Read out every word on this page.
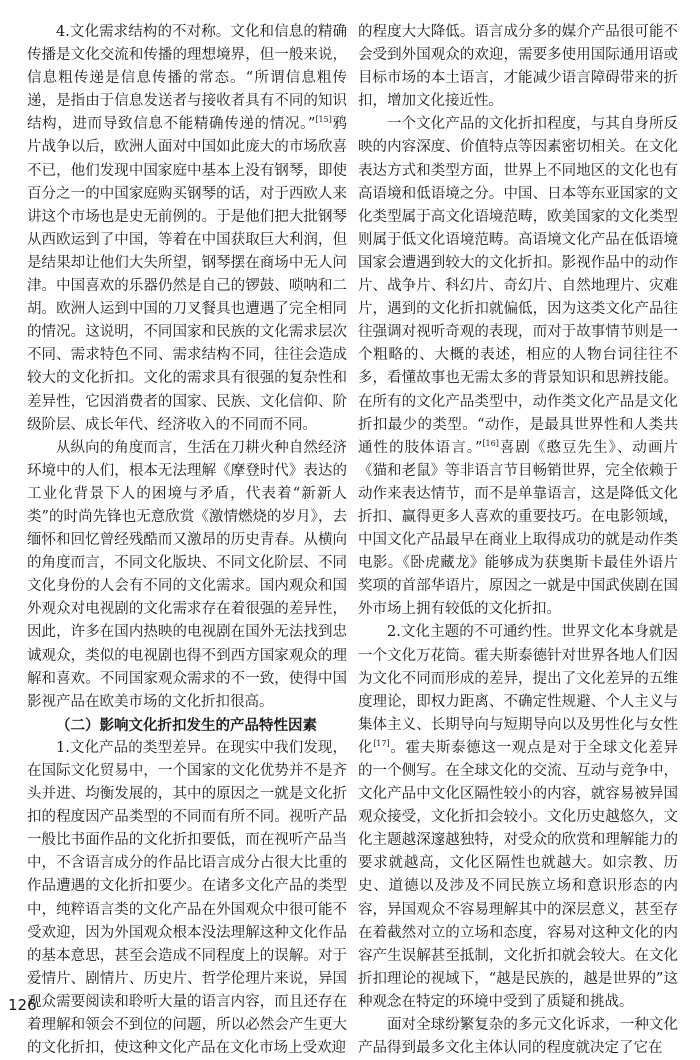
4.文化需求结构的不对称。文化和信息的精确传播是文化交流和传播的理想境界，但一般来说，信息粗传递是信息传播的常态。“所谓信息粗传递，是指由于信息发送者与接收者具有不同的知识结构，进而导致信息不能精确传递的情况。”[15]鸦片战争以后，欧洲人面对中国如此庞大的市场欣喜不已，他们发现中国家庭中基本上没有钢琴，即使百分之一的中国家庭购买钢琴的话，对于西欧人来讲这个市场也是史无前例的。于是他们把大批钢琴从西欧运到了中国，等着在中国获取巨大利润，但是结果却让他们大失所望，钢琴摆在商场中无人问津。中国喜欢的乐器仍然是自己的锣鼓、唢呐和二胡。欧洲人运到中国的刀叉餐具也遭遇了完全相同的情况。这说明，不同国家和民族的文化需求层次不同、需求特色不同、需求结构不同，往往会造成较大的文化折扣。文化的需求具有很强的复杂性和差异性，它因消费者的国家、民族、文化信仰、阶级阶层、成长年代、经济收入的不同而不同。

从纵向的角度而言，生活在刀耕火种自然经济环境中的人们，根本无法理解《摩登时代》表达的工业化背景下人的困境与矛盾，代表着“新新人类”的时尚先锋也无意欣赏《激情燃烧的岁月》，去缅怀和回忆曾经残酷而又激昂的历史青春。从横向的角度而言，不同文化版块、不同文化阶层、不同文化身份的人会有不同的文化需求。国内观众和国外观众对电视剧的文化需求存在着很强的差异性，因此，许多在国内热映的电视剧在国外无法找到忠诚观众，类似的电视剧也得不到西方国家观众的理解和喜欢。不同国家观众需求的不一致，使得中国影视产品在欧美市场的文化折扣很高。

（二）影响文化折扣发生的产品特性因素

1.文化产品的类型差异。在现实中我们发现，在国际文化贸易中，一个国家的文化优势并不是齐头并进、均衡发展的，其中的原因之一就是文化折扣的程度因产品类型的不同而有所不同。视听产品一般比书面作品的文化折扣要低，而在视听产品当中，不含语言成分的作品比语言成分占很大比重的作品遭遇的文化折扣要少。在诸多文化产品的类型中，纯粹语言类的文化产品在外国观众中很可能不受欢迎，因为外国观众根本没法理解这种文化作品的基本意思，甚至会造成不同程度上的误解。对于爱情片、剧情片、历史片、哲学伦理片来说，异国观众需要阅读和聆听大量的语言内容，而且还存在着理解和领会不到位的问题，所以必然会产生更大的文化折扣，使这种文化产品在文化市场上受欢迎

的程度大大降低。语言成分多的媒介产品很可能不会受到外国观众的欢迎，需要多使用国际通用语或目标市场的本土语言，才能减少语言障碍带来的折扣，增加文化接近性。

一个文化产品的文化折扣程度，与其自身所反映的内容深度、价值特点等因素密切相关。在文化表达方式和类型方面，世界上不同地区的文化也有高语境和低语境之分。中国、日本等东亚国家的文化类型属于高文化语境范畴，欧美国家的文化类型则属于低文化语境范畴。高语境文化产品在低语境国家会遭遇到较大的文化折扣。影视作品中的动作片、战争片、科幻片、奇幻片、自然地理片、灾难片，遇到的文化折扣就偏低，因为这类文化产品往往强调对视听奇观的表现，而对于故事情节则是一个粗略的、大概的表述，相应的人物台词往往不多，看懂故事也无需太多的背景知识和思辨技能。在所有的文化产品类型中，动作类文化产品是文化折扣最少的类型。“动作，是最具世界性和人类共通性的肢体语言。”[16]喜剧《憨豆先生》、动画片《猫和老鼠》等非语言节目畅销世界，完全依赖于动作来表达情节，而不是单靠语言，这是降低文化折扣、赢得更多人喜欢的重要技巧。在电影领域，中国文化产品最早在商业上取得成功的就是动作类电影。《卧虎藏龙》能够成为获奥斯卡最佳外语片奖项的首部华语片，原因之一就是中国武侠剧在国外市场上拥有较低的文化折扣。

2.文化主题的不可通约性。世界文化本身就是一个文化万花筒。霍夫斯泰德针对世界各地人们因为文化不同而形成的差异，提出了文化差异的五维度理论，即权力距离、不确定性规避、个人主义与集体主义、长期导向与短期导向以及男性化与女性化[17]。霍夫斯泰德这一观点是对于全球文化差异的一个侧写。在全球文化的交流、互动与竞争中，文化产品中文化区隔性较小的内容，就容易被异国观众接受，文化折扣会较小。文化历史越悠久，文化主题越深邃越独特，对受众的欣赏和理解能力的要求就越高，文化区隔性也就越大。如宗教、历史、道德以及涉及不同民族立场和意识形态的内容，异国观众不容易理解其中的深层意义，甚至存在着截然对立的立场和态度，容易对这种文化的内容产生误解甚至抵制，文化折扣就会较大。在文化折扣理论的视域下，“越是民族的，越是世界的”这种观念在特定的环境中受到了质疑和挑战。

面对全球纷繁复杂的多元文化诉求，一种文化产品得到最多文化主体认同的程度就决定了它在

126
